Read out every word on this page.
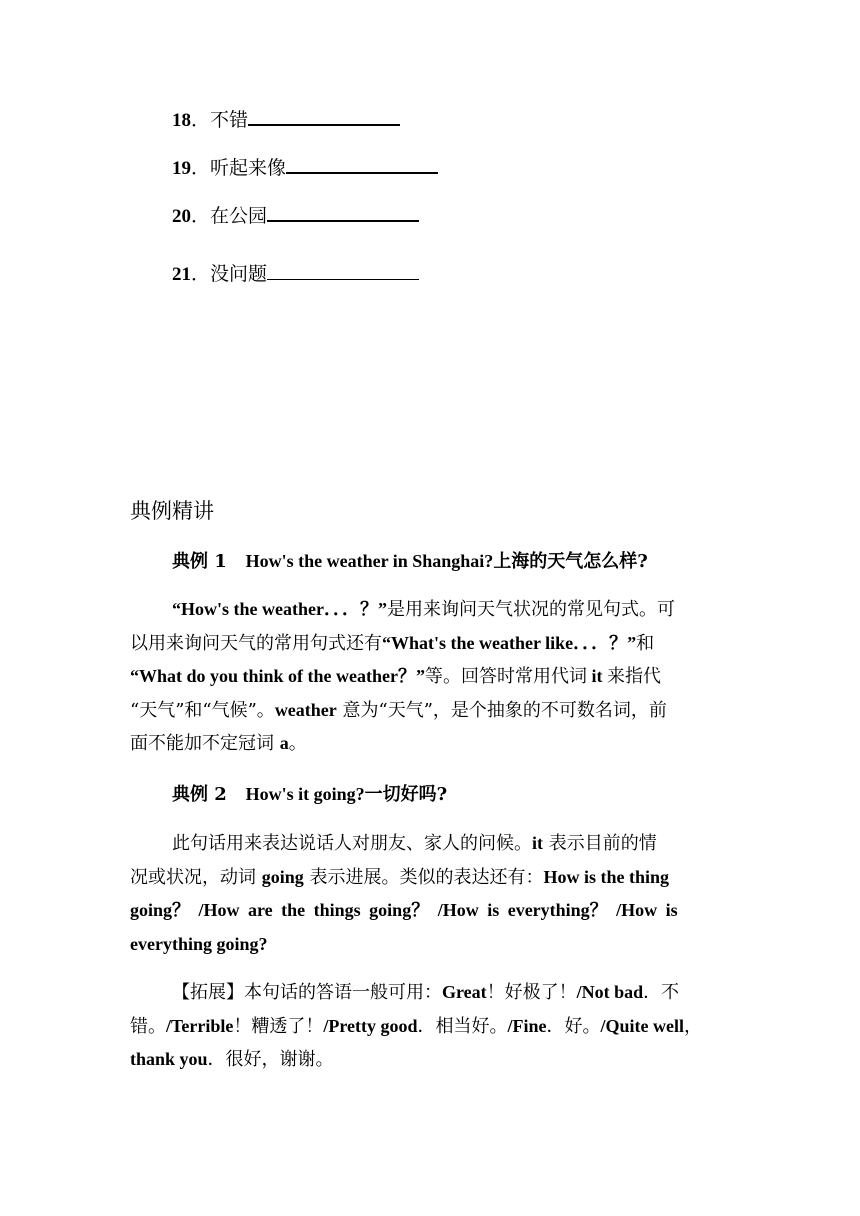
18．不错
19．听起来像
20．在公园
21．没问题
典例精讲
典例 1 How's the weather in Shanghai?上海的天气怎么样?
“How's the weather．．．？”是用来询问天气状况的常见句式。可
以用来询问天气的常用句式还有“What's the weather like．．．？”和
“What do you think of the weather？”等。回答时常用代词 it 来指代
“天气”和“气候”。weather 意为“天气”，是个抽象的不可数名词，前
面不能加不定冠词 a。
典例 2 How's it going?一切好吗?
此句话用来表达说话人对朋友、家人的问候。it 表示目前的情
况或状况，动词 going 表示进展。类似的表达还有：How is the thing
going？ /How are the things going？ /How is everything？ /How is
everything going?
【拓展】本句话的答语一般可用：Great！好极了！/Not bad．不
错。/Terrible！糟透了！/Pretty good．相当好。/Fine．好。/Quite well，
thank you．很好，谢谢。
